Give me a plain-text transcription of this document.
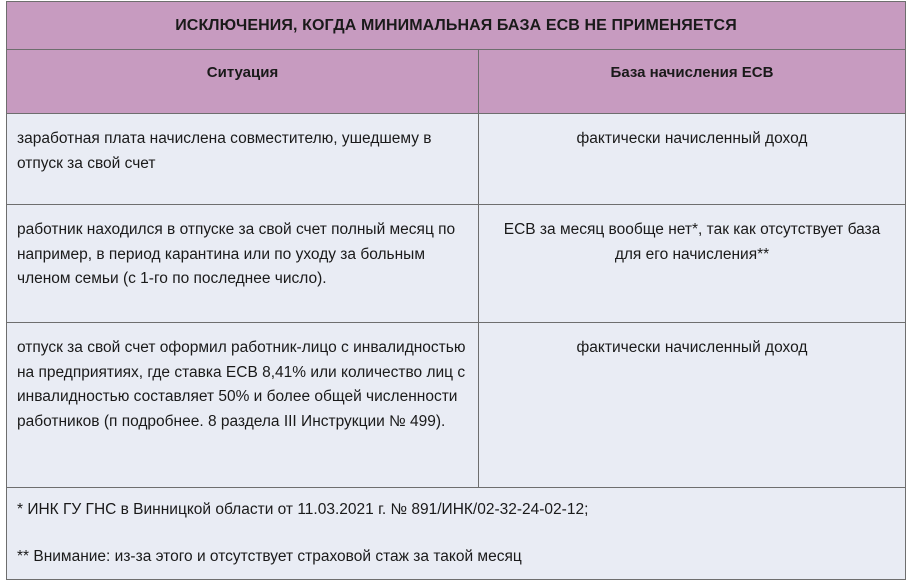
ИСКЛЮЧЕНИЯ, КОГДА МИНИМАЛЬНАЯ БАЗА ЕСВ НЕ ПРИМЕНЯЕТСЯ
Ситуация	База начисления ЕСВ
заработная плата начислена совместителю, ушедшему в отпуск за свой счет
фактически начисленный доход
работник находился в отпуске за свой счет полный месяц по например, в период карантина или по уходу за больным членом семьи (с 1-го по последнее число).
ЕСВ за месяц вообще нет*, так как отсутствует база для его начисления**
отпуск за свой счет оформил работник-лицо с инвалидностью на предприятиях, где ставка ЕСВ 8,41% или количество лиц с инвалидностью составляет 50% и более общей численности работников (п подробнее. 8 раздела III Инструкции № 499).
фактически начисленный доход
* ИНК ГУ ГНС в Винницкой области от 11.03.2021 г. № 891/ИНК/02-32-24-02-12;
** Внимание: из-за этого и отсутствует страховой стаж за такой месяц
